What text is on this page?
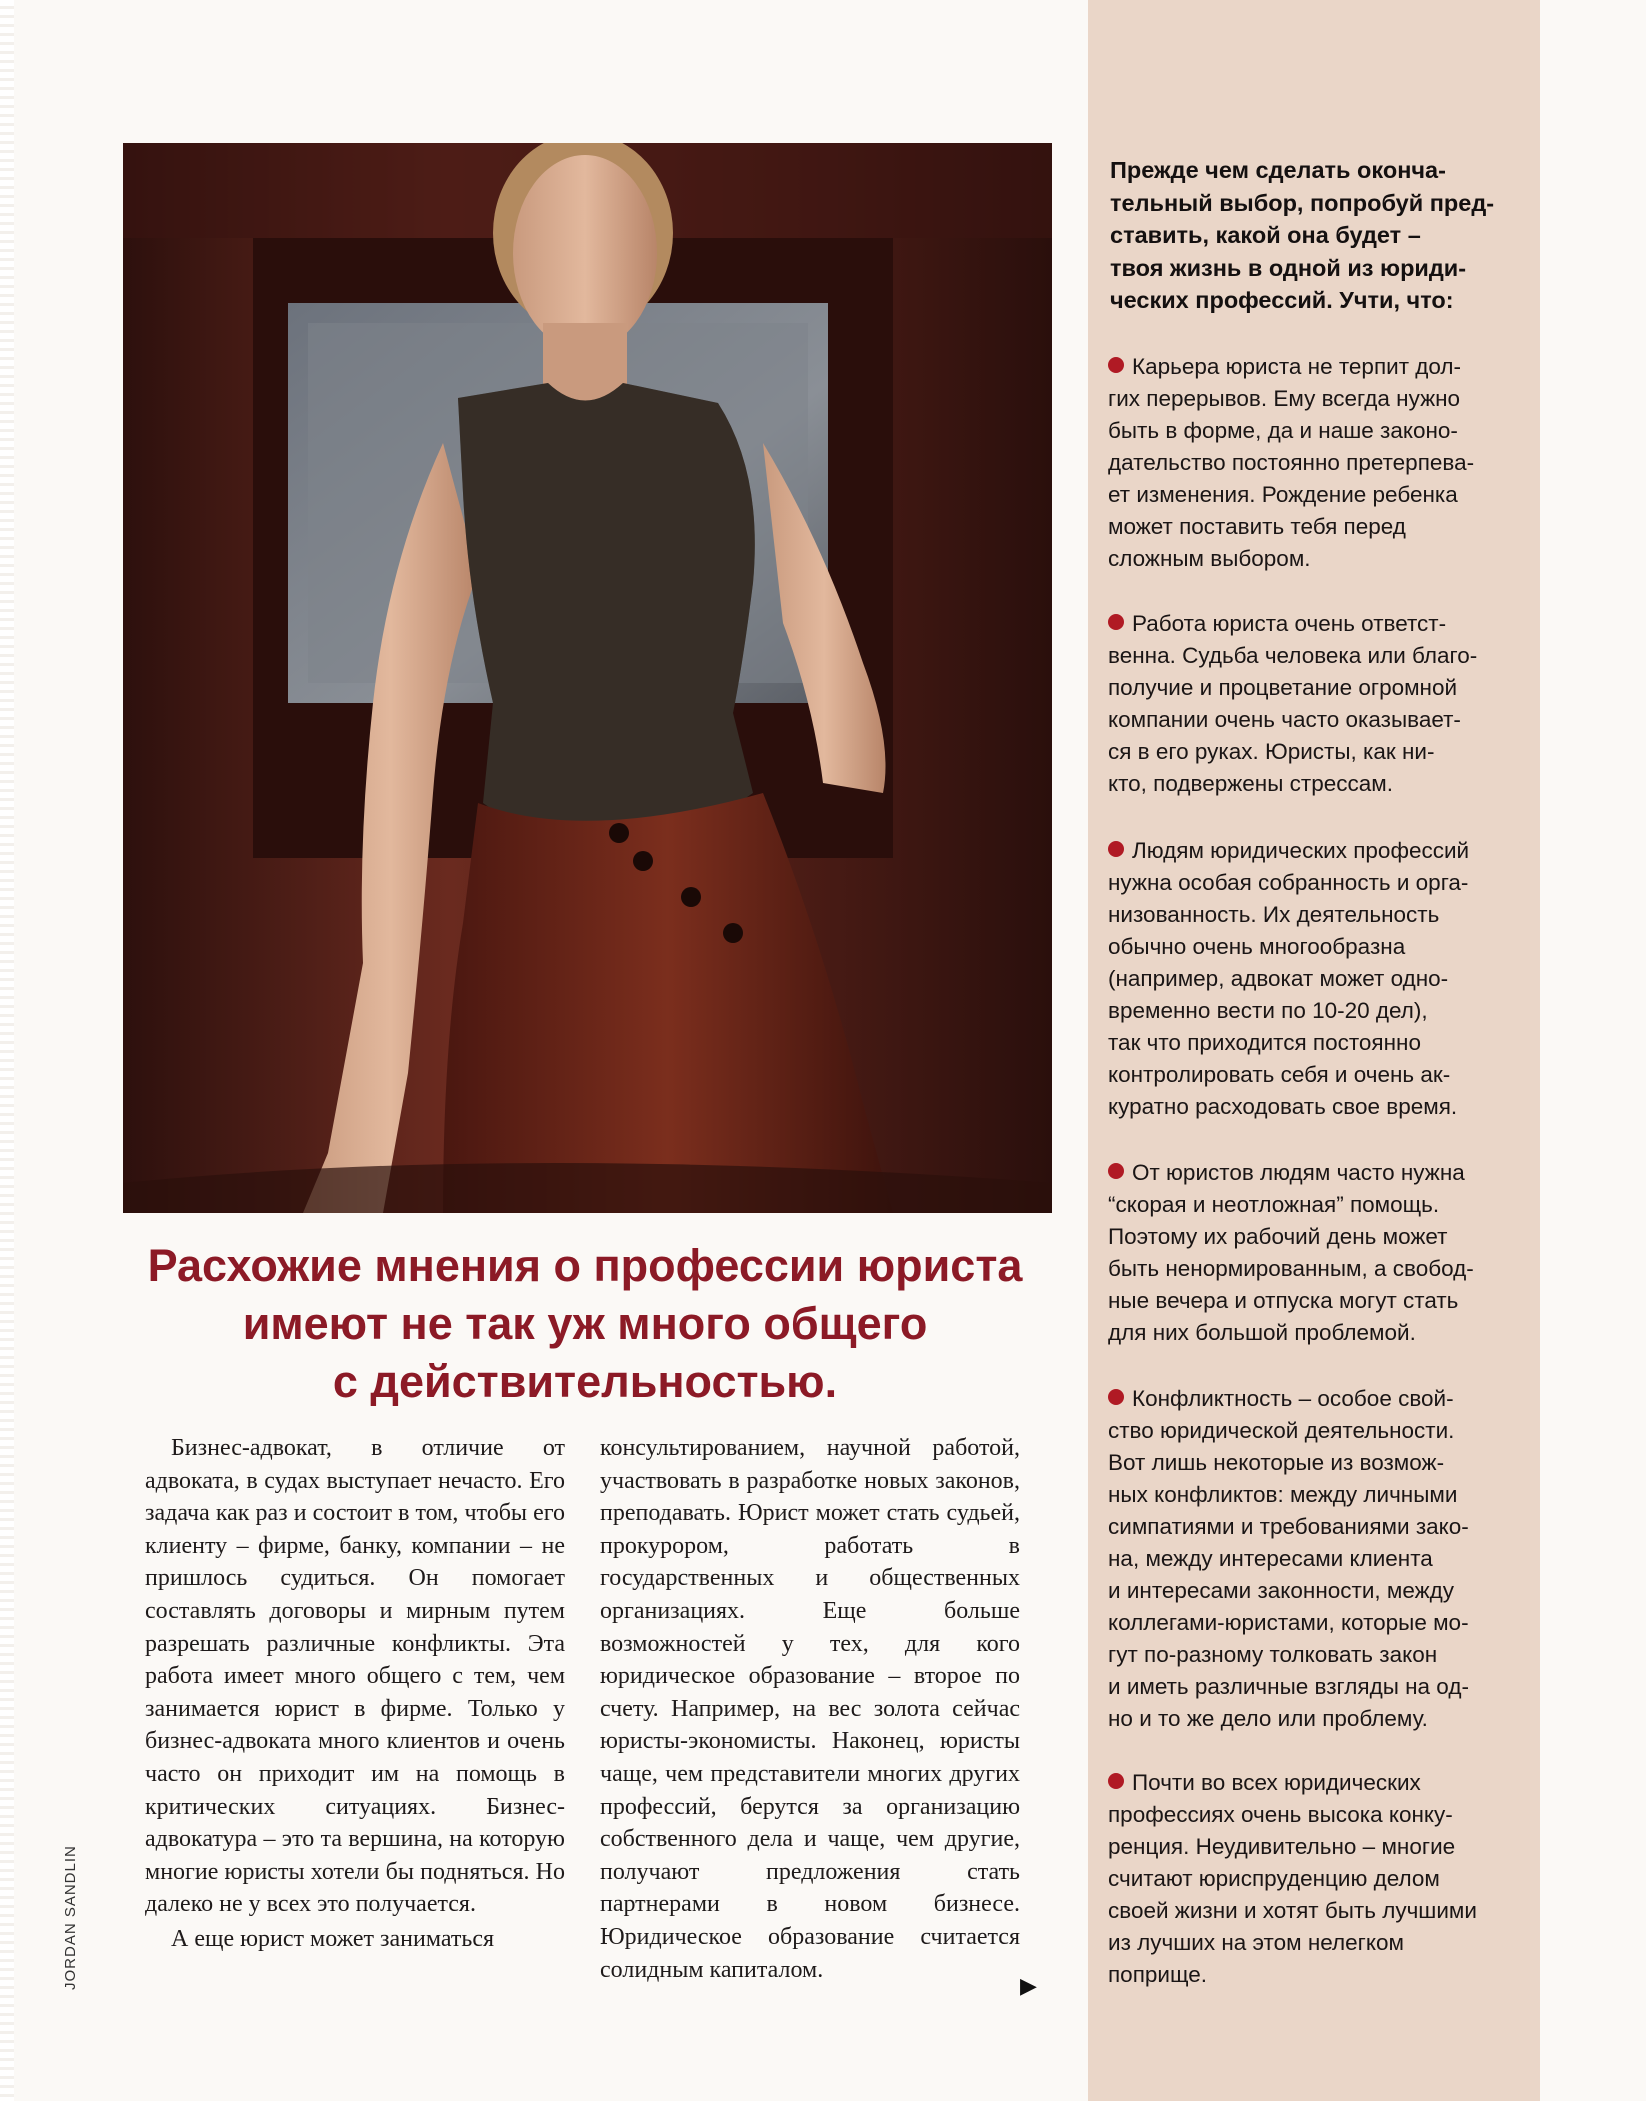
Расхожие мнения о профессии юриста
имеют не так уж много общего
с действительностью.

Бизнес-адвокат, в отличие от адвоката, в судах выступает нечасто. Его задача как раз и состоит в том, чтобы его клиенту – фирме, банку, компании – не пришлось судиться. Он помогает составлять договоры и мирным путем разрешать различные конфликты. Эта работа имеет много общего с тем, чем занимается юрист в фирме. Только у бизнес-адвоката много клиентов и очень часто он приходит им на помощь в критических ситуациях. Бизнес-адвокатура – это та вершина, на которую многие юристы хотели бы подняться. Но далеко не у всех это получается.

А еще юрист может заниматься

консультированием, научной работой, участвовать в разработке новых законов, преподавать. Юрист может стать судьей, прокурором, работать в государственных и общественных организациях. Еще больше возможностей у тех, для кого юридическое образование – второе по счету. Например, на вес золота сейчас юристы-экономисты. Наконец, юристы чаще, чем представители многих других профессий, берутся за организацию собственного дела и чаще, чем другие, получают предложения стать партнерами в новом бизнесе. Юридическое образование считается солидным капиталом.

▶
JORDAN SANDLIN
Прежде чем сделать оконча-
тельный выбор, попробуй пред-
ставить, какой она будет –
твоя жизнь в одной из юриди-
ческих профессий. Учти, что:
Карьера юриста не терпит дол-
гих перерывов. Ему всегда нужно
быть в форме, да и наше законо-
дательство постоянно претерпева-
ет изменения. Рождение ребенка
может поставить тебя перед
сложным выбором.
Работа юриста очень ответст-
венна. Судьба человека или благо-
получие и процветание огромной
компании очень часто оказывает-
ся в его руках. Юристы, как ни-
кто, подвержены стрессам.
Людям юридических профессий
нужна особая собранность и орга-
низованность. Их деятельность
обычно очень многообразна
(например, адвокат может одно-
временно вести по 10-20 дел),
так что приходится постоянно
контролировать себя и очень ак-
куратно расходовать свое время.
От юристов людям часто нужна
“скорая и неотложная” помощь.
Поэтому их рабочий день может
быть ненормированным, а свобод-
ные вечера и отпуска могут стать
для них большой проблемой.
Конфликтность – особое свой-
ство юридической деятельности.
Вот лишь некоторые из возмож-
ных конфликтов: между личными
симпатиями и требованиями зако-
на, между интересами клиента
и интересами законности, между
коллегами-юристами, которые мо-
гут по-разному толковать закон
и иметь различные взгляды на од-
но и то же дело или проблему.
Почти во всех юридических
профессиях очень высока конку-
ренция. Неудивительно – многие
считают юриспруденцию делом
своей жизни и хотят быть лучшими
из лучших на этом нелегком
поприще.
